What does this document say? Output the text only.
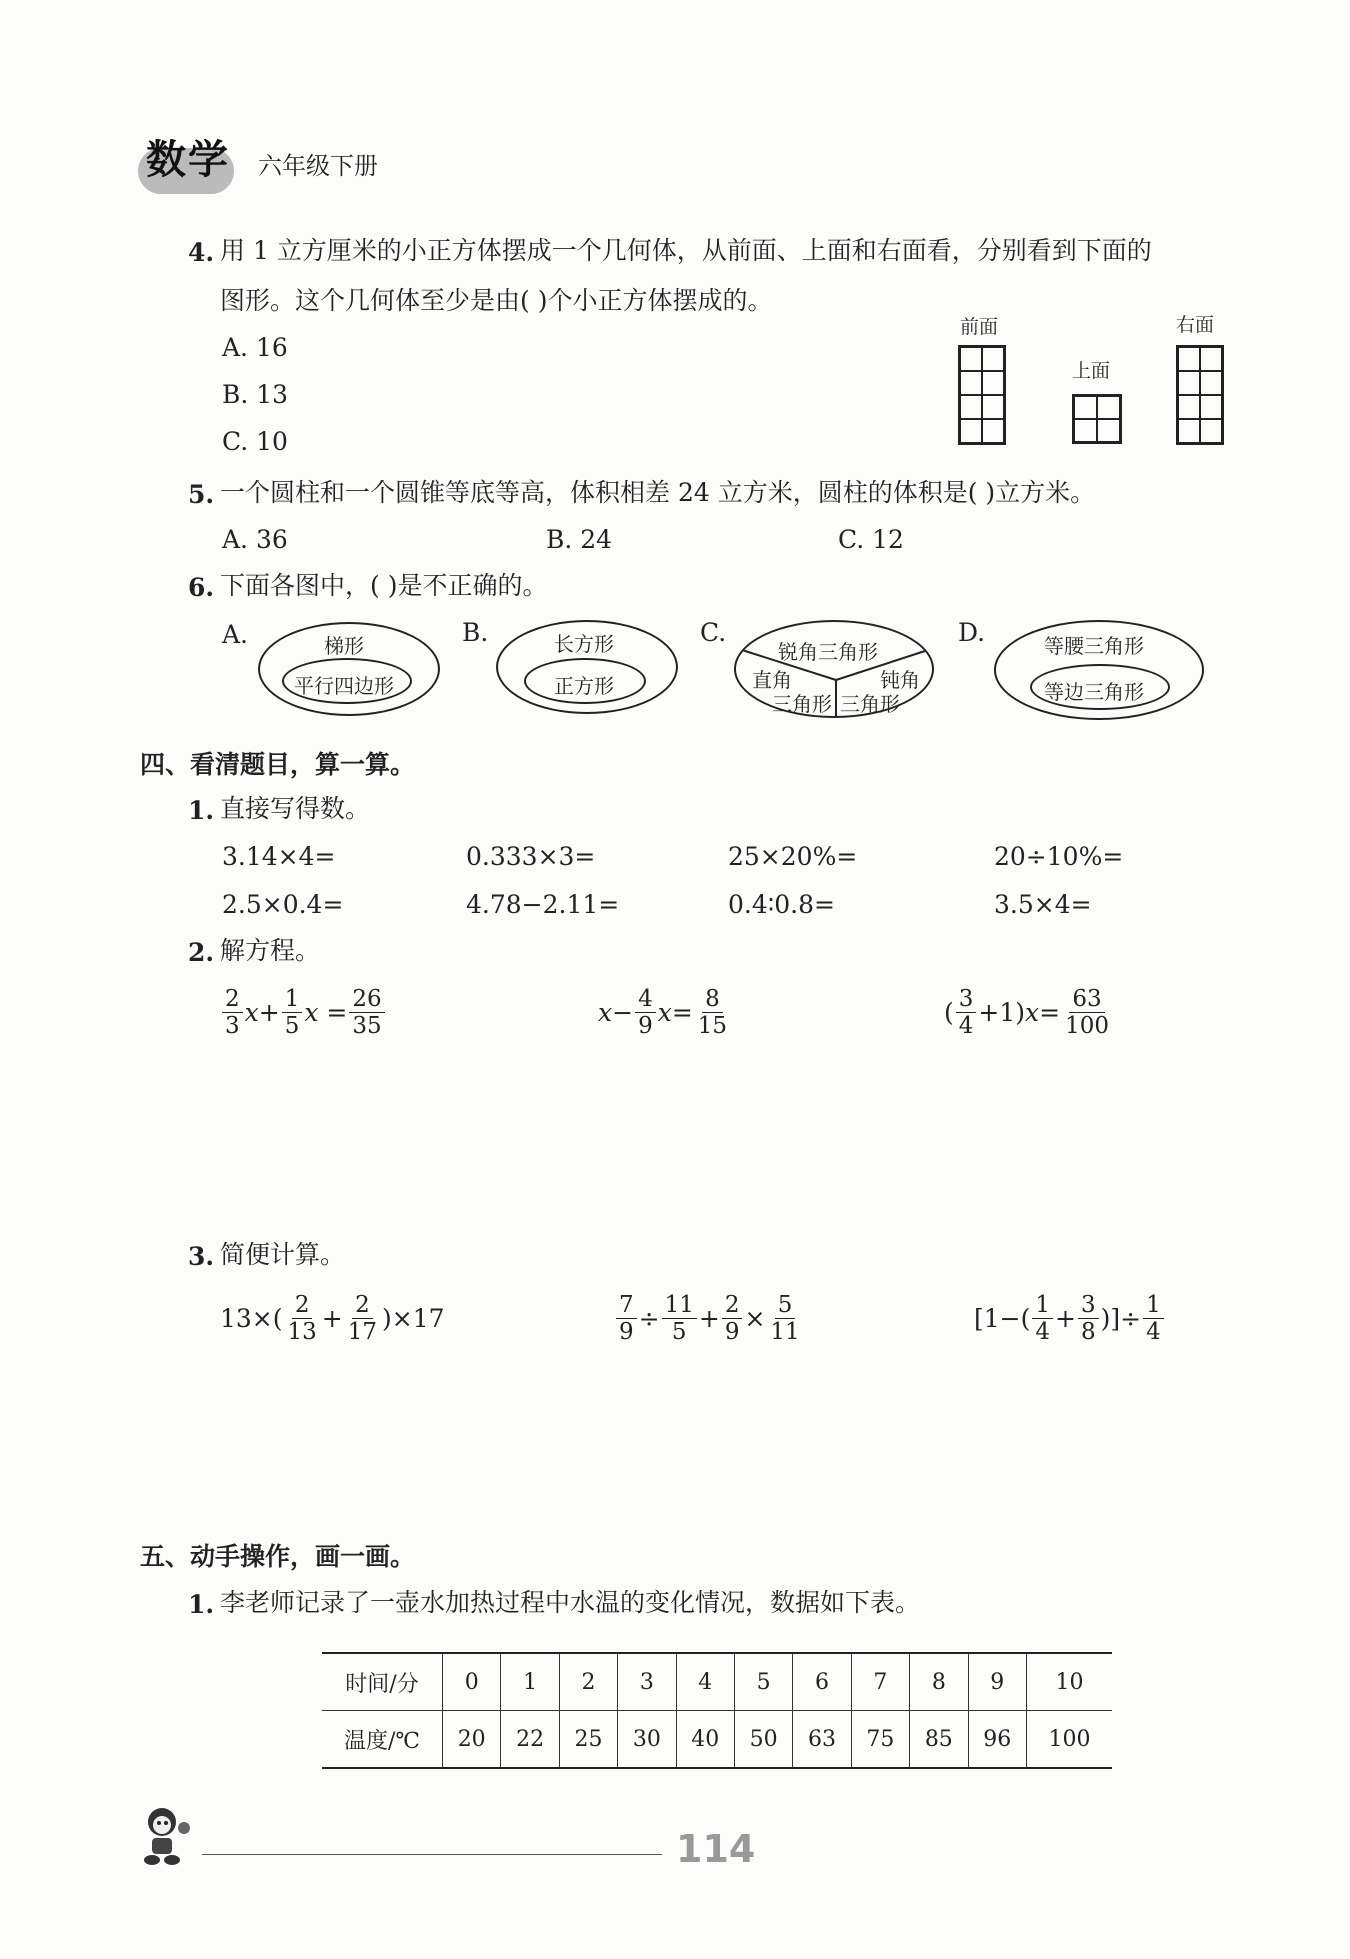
数学 六年级下册
4. 用 1 立方厘米的小正方体摆成一个几何体，从前面、上面和右面看，分别看到下面的
图形。这个几何体至少是由( )个小正方体摆成的。
A. 16
B. 13
C. 10
前面
上面
右面
5. 一个圆柱和一个圆锥等底等高，体积相差 24 立方米，圆柱的体积是( )立方米。
A. 36	B. 24	C. 12
6. 下面各图中，( )是不正确的。
A.	梯形
平行四边形
B.	长方形
正方形
C.
锐角三角形
直角
三角形
钝角
三角形
D.	等腰三角形
等边三角形
四、看清题目，算一算。
1. 直接写得数。
3.14×4=	0.333×3=	25×20%=	20÷10%=
2.5×0.4=	4.78−2.11=	0.4∶0.8=	3.5×4=
2. 解方程。
$\frac{2}{3}$ $x + \frac{1}{5}$ x
= $\frac{26}{35}$	$x - \frac{4}{9}$ $x = \frac{8}{15}$	( $\frac{3}{4} +1$) $x = \frac{63}{100}$
3. 简便计算。
$13\times( \frac{2}{13} + \frac{2}{17} )\times 17$	$\frac{7}{9} \div \frac{11}{5} + \frac{2}{9} \times \frac{5}{11}$	[$1-( \frac{1}{4} + \frac{3}{8}$ )]÷ $\frac{1}{4}$
五、动手操作，画一画。
1. 李老师记录了一壶水加热过程中水温的变化情况，数据如下表。
时间/分	0	1	2	3	4	5	6	7	8	9	10
温度/℃	20	22	25	30	40	50	63	75	85	96	100
114
